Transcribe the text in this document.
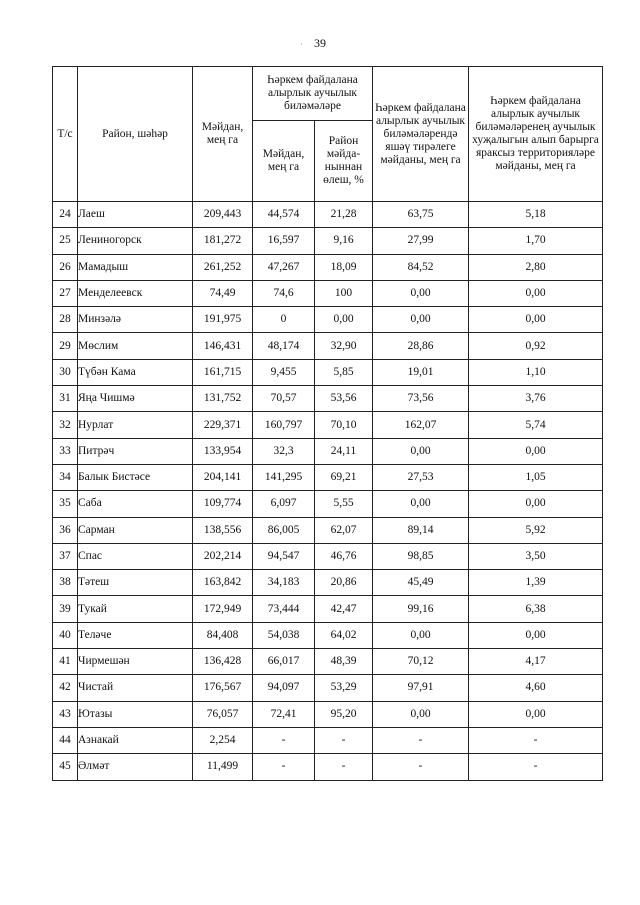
39
·
Т/с	Район, шәһәр	Мәйдан, мең га	Һәркем файдалана алырлык аучылык биләмәләре		Һәркем файдалана алырлык аучылык биләмәләрендә яшәү тирәлеге мәйданы, мең га	Һәркем файдалана алырлык аучылык биләмәләренең аучылык хуҗалыгын алып барырга яраксыз территорияләре мәйданы, мең га
			Мәйдан, мең га	Район мәйда-ныннан өлеш, %		
24	Лаеш	209,443	44,574	21,28	63,75	5,18
25	Лениногорск	181,272	16,597	9,16	27,99	1,70
26	Мамадыш	261,252	47,267	18,09	84,52	2,80
27	Менделеевск	74,49	74,6	100	0,00	0,00
28	Минзәлә	191,975	0	0,00	0,00	0,00
29	Мөслим	146,431	48,174	32,90	28,86	0,92
30	Түбән Кама	161,715	9,455	5,85	19,01	1,10
31	Яңа Чишмә	131,752	70,57	53,56	73,56	3,76
32	Нурлат	229,371	160,797	70,10	162,07	5,74
33	Питрәч	133,954	32,3	24,11	0,00	0,00
34	Балык Бистәсе	204,141	141,295	69,21	27,53	1,05
35	Саба	109,774	6,097	5,55	0,00	0,00
36	Сарман	138,556	86,005	62,07	89,14	5,92
37	Спас	202,214	94,547	46,76	98,85	3,50
38	Тәтеш	163,842	34,183	20,86	45,49	1,39
39	Тукай	172,949	73,444	42,47	99,16	6,38
40	Теләче	84,408	54,038	64,02	0,00	0,00
41	Чирмешән	136,428	66,017	48,39	70,12	4,17
42	Чистай	176,567	94,097	53,29	97,91	4,60
43	Ютазы	76,057	72,41	95,20	0,00	0,00
44	Азнакай	2,254	-	-	-	-
45	Әлмәт	11,499	-	-	-	-
